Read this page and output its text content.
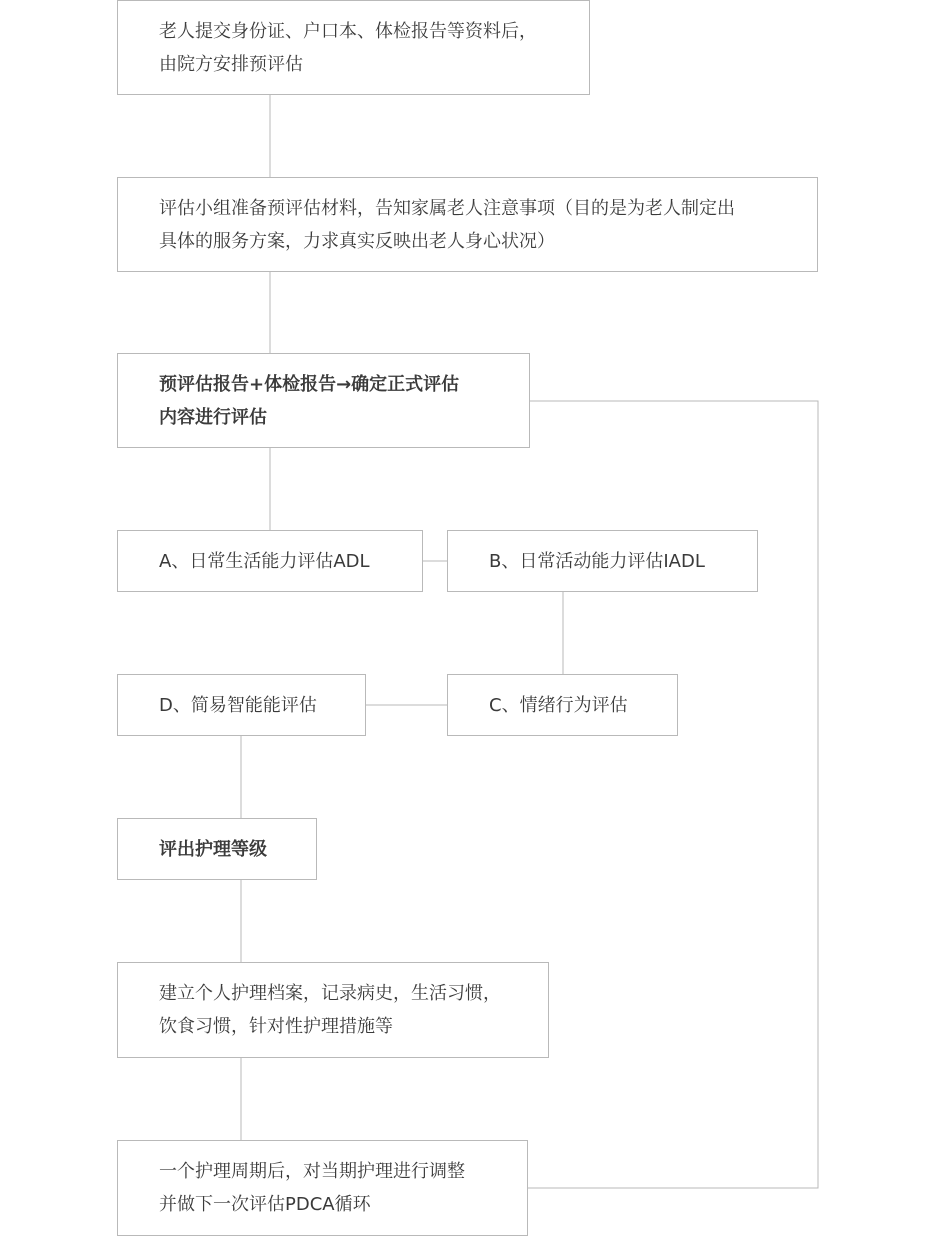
老人提交身份证、户口本、体检报告等资料后，
由院方安排预评估
评估小组准备预评估材料，告知家属老人注意事项（目的是为老人制定出
具体的服务方案，力求真实反映出老人身心状况）
预评估报告+体检报告→确定正式评估
内容进行评估
A、日常生活能力评估ADL	B、日常活动能力评估IADL
D、简易智能能评估	C、情绪行为评估
评出护理等级
建立个人护理档案，记录病史，生活习惯，
饮食习惯，针对性护理措施等
一个护理周期后，对当期护理进行调整
并做下一次评估PDCA循环
